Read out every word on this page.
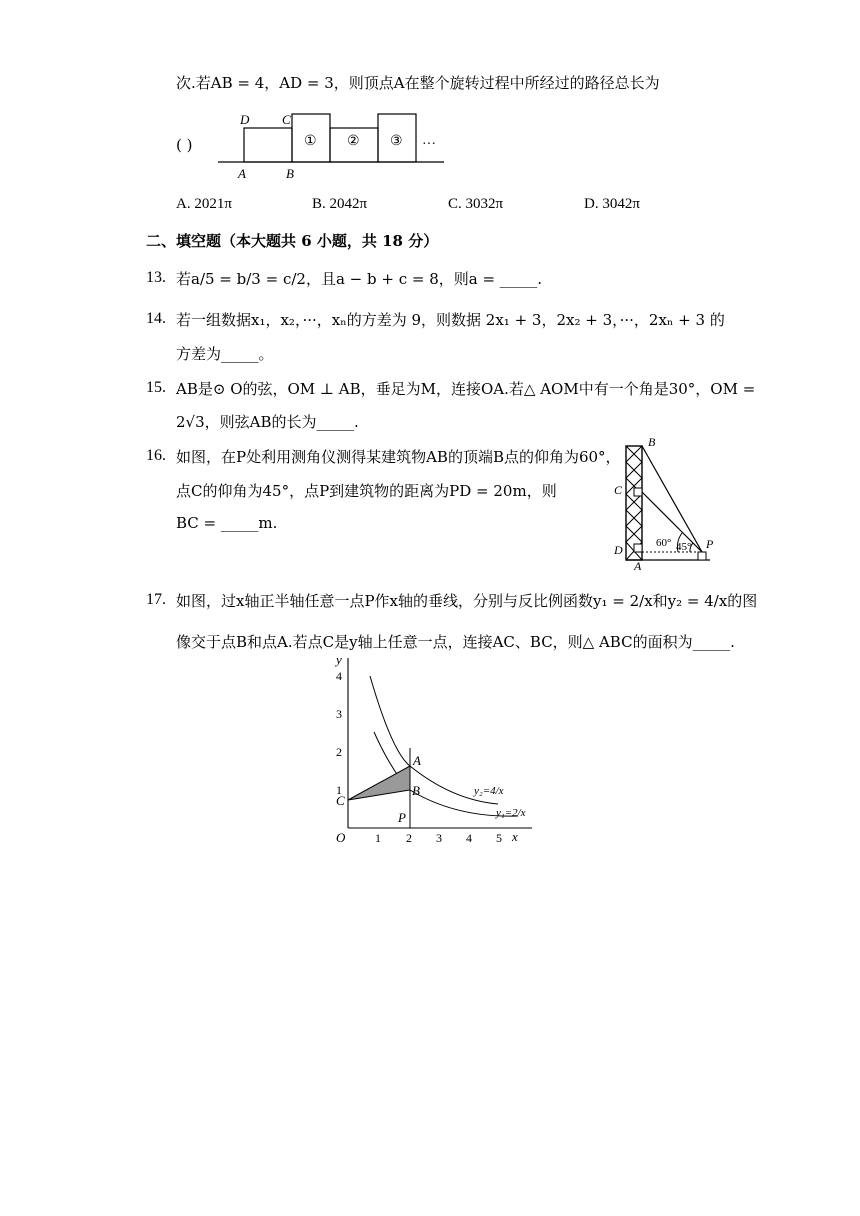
次.若AB = 4，AD = 3，则顶点A在整个旋转过程中所经过的路径总长为
( )
D	C
A	B
① ② ③ ···
A. 2021π	B. 2042π	C. 3032π	D. 3042π
二、填空题（本大题共 6 小题，共 18 分）
13. 若a/5 = b/3 = c/2，且a − b + c = 8，则a = _____.
14. 若一组数据x₁，x₂，···，xₙ的方差为 9，则数据 2x₁ + 3，2x₂ + 3，···，2xₙ + 3 的
方差为_____。
15. AB是⊙ O的弦，OM ⊥ AB，垂足为M，连接OA.若△ AOM中有一个角是30°，OM =
2√3，则弦AB的长为_____.
16. 如图，在P处利用测角仪测得某建筑物AB的顶端B点的仰角为60°，
点C的仰角为45°，点P到建筑物的距离为PD = 20m，则
BC = _____m.
B
C
D
A
P
60° 45°
17. 如图，过x轴正半轴任意一点P作x轴的垂线，分别与反比例函数y₁ = 2/x和y₂ = 4/x的图
像交于点B和点A.若点C是y轴上任意一点，连接AC、BC，则△ ABC的面积为_____.
x
y
O 1 2 3 4 5
1
2
3
4
A
B
C
P
y₂=4/x
y₁=2/x
